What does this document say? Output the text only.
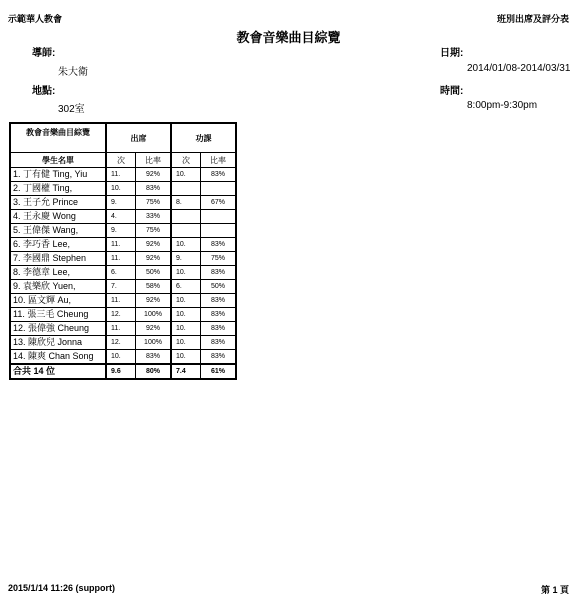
示範華人教會	班別出席及評分表
教會音樂曲目綜覽
導師:
朱大衛
地點:
302室
日期:
2014/01/08-2014/03/31
時間:
8:00pm-9:30pm
教會音樂曲目綜覽	出席		功課	
學生名單	次	比率	次	比率
1. 丁有健 Ting, Yiu	11.	92%	10.	83%
2. 丁國權 Ting,	10.	83%		
3. 王子允 Prince	9.	75%	8.	67%
4. 王永慶 Wong	4.	33%		
5. 王偉傑 Wang,	9.	75%		
6. 李巧香 Lee,	11.	92%	10.	83%
7. 李國鼎 Stephen	11.	92%	9.	75%
8. 李德章 Lee,	6.	50%	10.	83%
9. 袁樂欣 Yuen,	7.	58%	6.	50%
10. 區文輝 Au,	11.	92%	10.	83%
11. 張三毛 Cheung	12.	100%	10.	83%
12. 張偉強 Cheung	11.	92%	10.	83%
13. 陳欣兒 Jonna	12.	100%	10.	83%
14. 陳爽 Chan Song	10.	83%	10.	83%
合共 14 位	9.6	80%	7.4	61%
2015/1/14 11:26 (support)	第 1 頁
